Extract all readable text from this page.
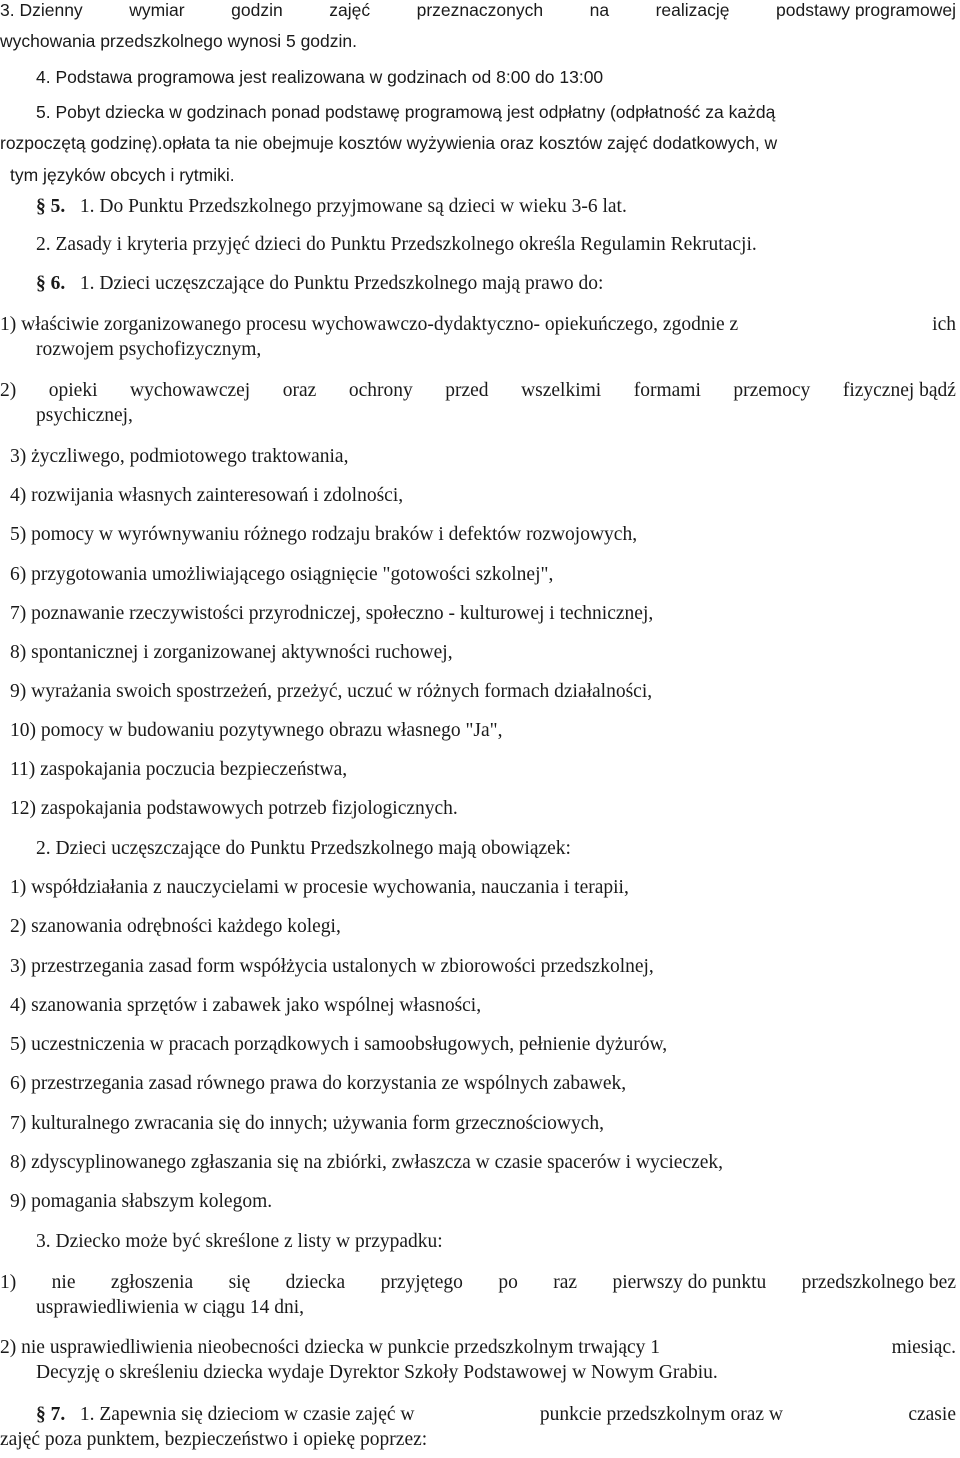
3. Dzienny	wymiar	godzin	zajęć	przeznaczonych	na	realizację	podstawy programowej
wychowania przedszkolnego wynosi 5 godzin.
4. Podstawa programowa jest realizowana w godzinach od 8:00 do 13:00
5. Pobyt dziecka w godzinach ponad podstawę programową jest odpłatny (odpłatność za każdą
rozpoczętą godzinę).opłata ta nie obejmuje kosztów wyżywienia oraz kosztów zajęć dodatkowych, w
tym języków obcych i rytmiki.
§ 5. 1. Do Punktu Przedszkolnego przyjmowane są dzieci w wieku 3-6 lat.
2. Zasady i kryteria przyjęć dzieci do Punktu Przedszkolnego określa Regulamin Rekrutacji.
§ 6. 1. Dzieci uczęszczające do Punktu Przedszkolnego mają prawo do:
1) właściwie zorganizowanego procesu wychowawczo-dydaktyczno- opiekuńczego, zgodnie z	ich
rozwojem psychofizycznym,
2) opieki wychowawczej oraz ochrony przed wszelkimi formami przemocy fizycznej bądź
psychicznej,
3) życzliwego, podmiotowego traktowania,
4) rozwijania własnych zainteresowań i zdolności,
5) pomocy w wyrównywaniu różnego rodzaju braków i defektów rozwojowych,
6) przygotowania umożliwiającego osiągnięcie "gotowości szkolnej",
7) poznawanie rzeczywistości przyrodniczej, społeczno - kulturowej i technicznej,
8) spontanicznej i zorganizowanej aktywności ruchowej,
9) wyrażania swoich spostrzeżeń, przeżyć, uczuć w różnych formach działalności,
10) pomocy w budowaniu pozytywnego obrazu własnego "Ja",
11) zaspokajania poczucia bezpieczeństwa,
12) zaspokajania podstawowych potrzeb fizjologicznych.
2. Dzieci uczęszczające do Punktu Przedszkolnego mają obowiązek:
1) współdziałania z nauczycielami w procesie wychowania, nauczania i terapii,
2) szanowania odrębności każdego kolegi,
3) przestrzegania zasad form współżycia ustalonych w zbiorowości przedszkolnej,
4) szanowania sprzętów i zabawek jako wspólnej własności,
5) uczestniczenia w pracach porządkowych i samoobsługowych, pełnienie dyżurów,
6) przestrzegania zasad równego prawa do korzystania ze wspólnych zabawek,
7) kulturalnego zwracania się do innych; używania form grzecznościowych,
8) zdyscyplinowanego zgłaszania się na zbiórki, zwłaszcza w czasie spacerów i wycieczek,
9) pomagania słabszym kolegom.
3. Dziecko może być skreślone z listy w przypadku:
1) nie zgłoszenia się dziecka przyjętego po raz pierwszy do punktu przedszkolnego bez
usprawiedliwienia w ciągu 14 dni,
2) nie usprawiedliwienia nieobecności dziecka w punkcie przedszkolnym trwający 1	miesiąc.
Decyzję o skreśleniu dziecka wydaje Dyrektor Szkoły Podstawowej w Nowym Grabiu.
§ 7. 1. Zapewnia się dzieciom w czasie zajęć w	punkcie przedszkolnym oraz w	czasie
zajęć poza punktem, bezpieczeństwo i opiekę poprzez:
